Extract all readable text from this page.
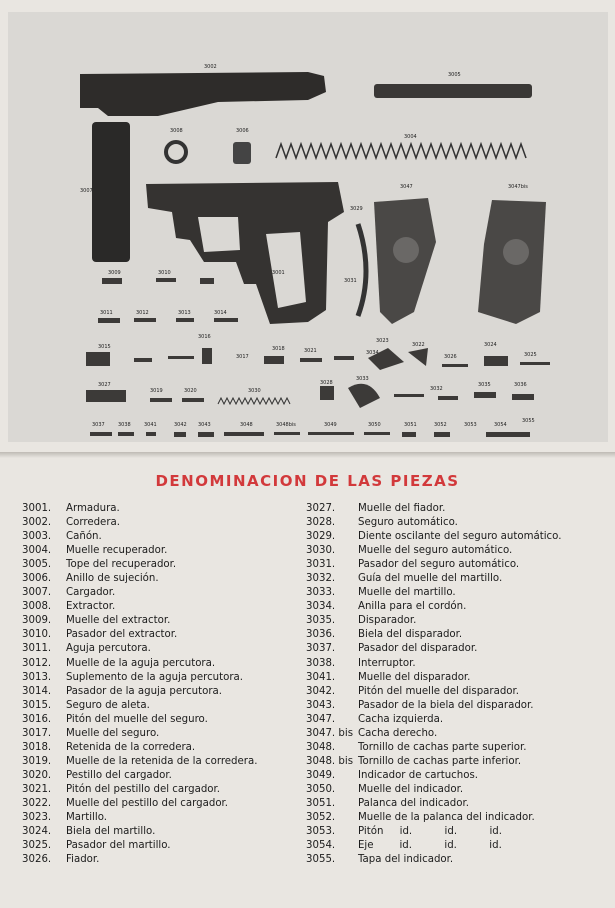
3002
3005
3008	3006
3004
3007
3047	3047bis
3029
3001
3031
3009	3010
3011	3012	3013	3014
3015
3016
3017
3018
3019	3020
3021
3022
3023
3024
3025
3026
3027	3028
3030	3032
3033
3034
3035	3036
3037	3038	3041	3042 3043	3048	3048bis	3049	3050	3051	3052	3053	3054
3055
DENOMINACION DE LAS PIEZAS
3001. Armadura.
3002. Corredera.
3003. Cañón.
3004. Muelle recuperador.
3005. Tope del recuperador.
3006. Anillo de sujeción.
3007. Cargador.
3008. Extractor.
3009. Muelle del extractor.
3010. Pasador del extractor.
3011. Aguja percutora.
3012. Muelle de la aguja percutora.
3013. Suplemento de la aguja percutora.
3014. Pasador de la aguja percutora.
3015. Seguro de aleta.
3016. Pitón del muelle del seguro.
3017. Muelle del seguro.
3018. Retenida de la corredera.
3019. Muelle de la retenida de la corredera.
3020. Pestillo del cargador.
3021. Pitón del pestillo del cargador.
3022. Muelle del pestillo del cargador.
3023. Martillo.
3024. Biela del martillo.
3025. Pasador del martillo.
3026. Fiador.
3027. Muelle del fiador.
3028. Seguro automático.
3029. Diente oscilante del seguro automático.
3030. Muelle del seguro automático.
3031. Pasador del seguro automático.
3032. Guía del muelle del martillo.
3033. Muelle del martillo.
3034. Anilla para el cordón.
3035. Disparador.
3036. Biela del disparador.
3037. Pasador del disparador.
3038. Interruptor.
3041. Muelle del disparador.
3042. Pitón del muelle del disparador.
3043. Pasador de la biela del disparador.
3047. Cacha izquierda.
3047. bis Cacha derecho.
3048. Tornillo de cachas parte superior.
3048. bis Tornillo de cachas parte inferior.
3049. Indicador de cartuchos.
3050. Muelle del indicador.
3051. Palanca del indicador.
3052. Muelle de la palanca del indicador.
3053. Pitón     id.          id.          id.
3054. Eje        id.          id.          id.
3055. Tapa del indicador.
